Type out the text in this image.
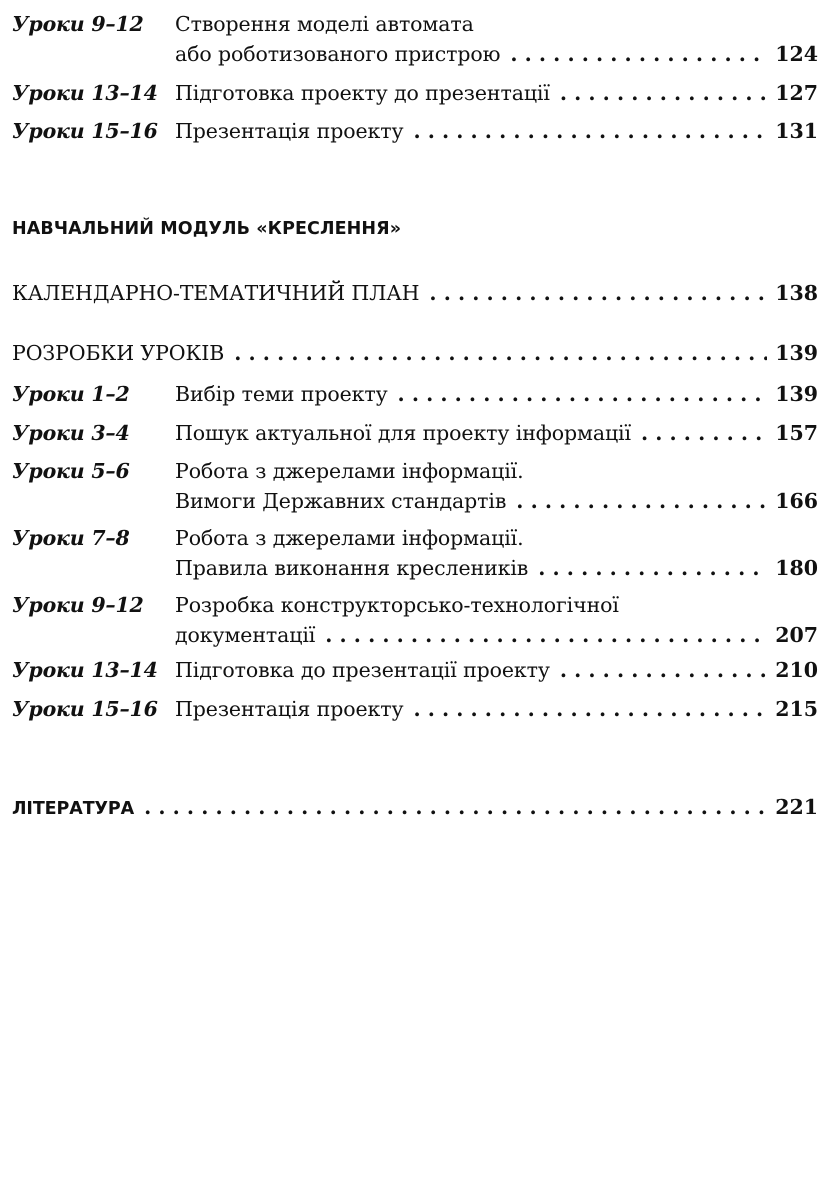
Уроки 9–12 Створення моделі автомата
або роботизованого пристрою . . .	124
Уроки 13–14 Підготовка проекту до презентації . . .	127
Уроки 15–16 Презентація проекту . . .	131
НАВЧАЛЬНИЙ МОДУЛЬ «КРЕСЛЕННЯ»
КАЛЕНДАРНО-ТЕМАТИЧНИЙ ПЛАН . . .	138
РОЗРОБКИ УРОКІВ . . .	139
Уроки 1–2 Вибір теми проекту . . .	139
Уроки 3–4 Пошук актуальної для проекту інформації . . .	157
Уроки 5–6 Робота з джерелами інформації.
Вимоги Державних стандартів . . .	166
Уроки 7–8 Робота з джерелами інформації.
Правила виконання креслеників . . .	180
Уроки 9–12 Розробка конструкторсько-технологічної
документації . . .	207
Уроки 13–14 Підготовка до презентації проекту . . .	210
Уроки 15–16 Презентація проекту . . .	215
ЛІТЕРАТУРА . . .	221
